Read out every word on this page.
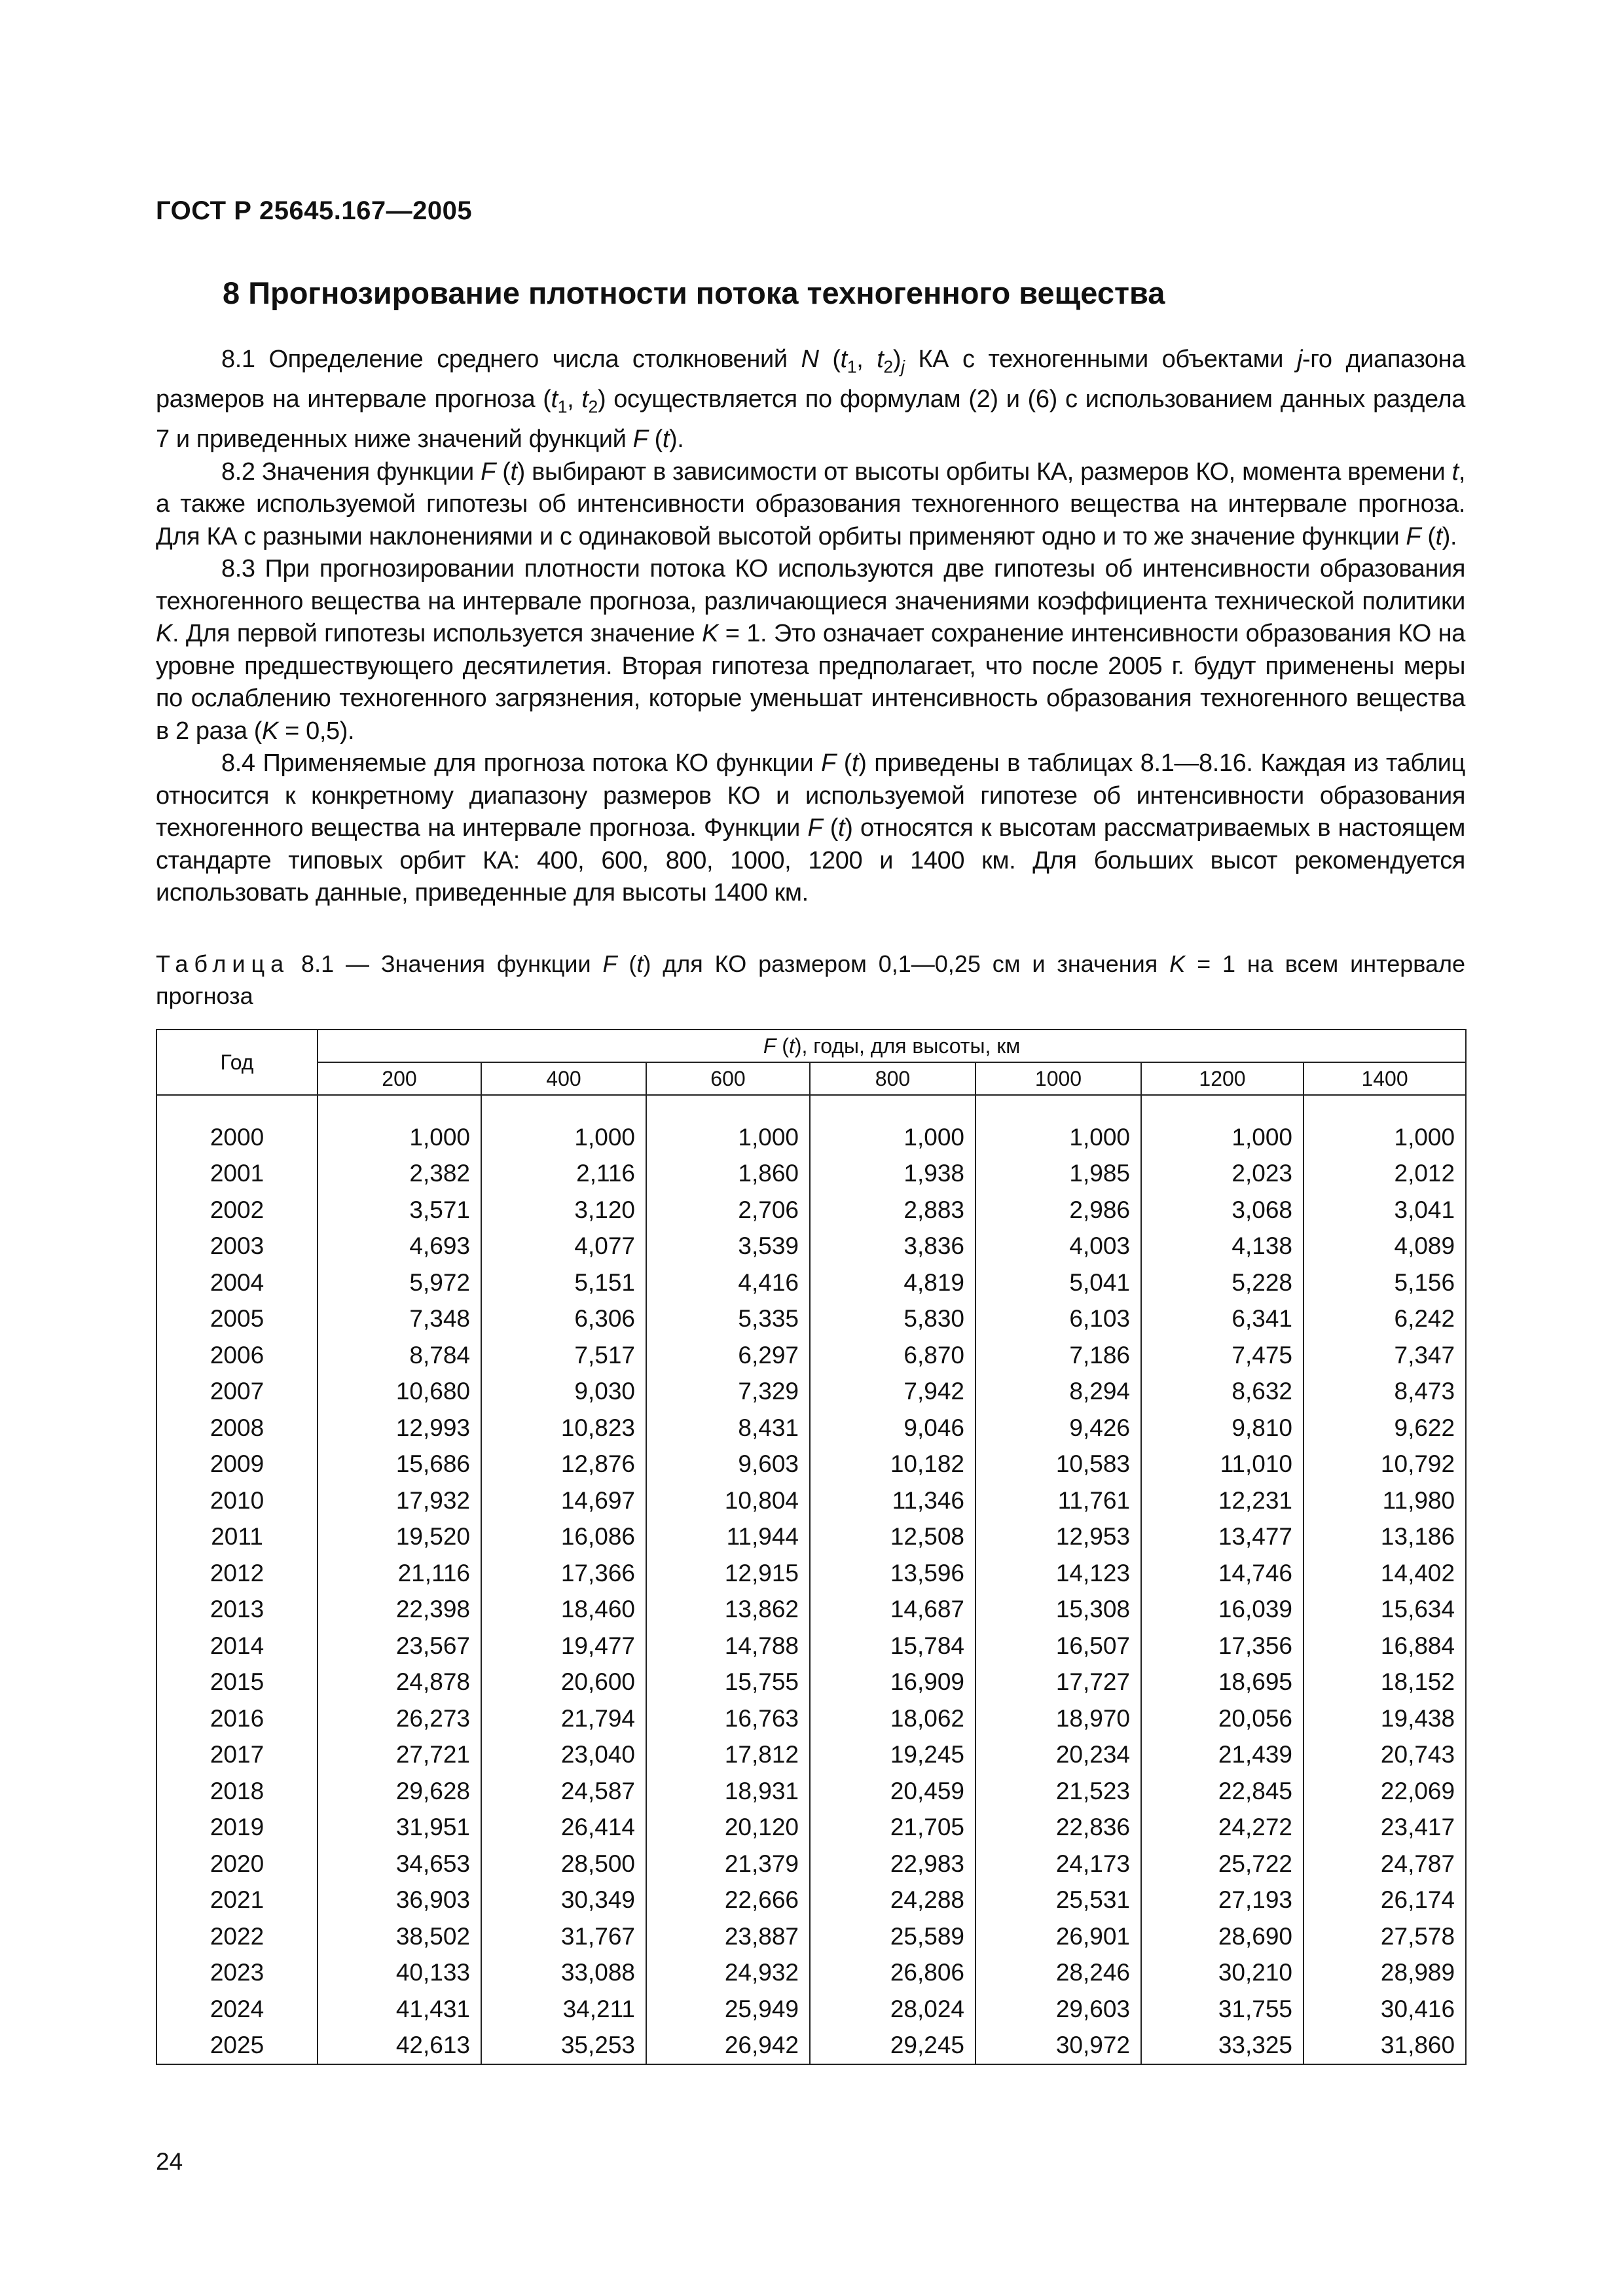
ГОСТ Р 25645.167—2005
8 Прогнозирование плотности потока техногенного вещества

8.1 Определение среднего числа столкновений N ($t_1$, $t_2)_j$ КА с техногенными объектами j-го диапазона размеров на интервале прогноза ($t_1$, $t_2$) осуществляется по формулам (2) и (6) с использованием данных раздела 7 и приведенных ниже значений функций F (t).

8.2 Значения функции F (t) выбирают в зависимости от высоты орбиты КА, размеров КО, момента времени t, а также используемой гипотезы об интенсивности образования техногенного вещества на интервале прогноза. Для КА с разными наклонениями и с одинаковой высотой орбиты применяют одно и то же значение функции F (t).

8.3 При прогнозировании плотности потока КО используются две гипотезы об интенсивности образования техногенного вещества на интервале прогноза, различающиеся значениями коэффициента технической политики K. Для первой гипотезы используется значение K = 1. Это означает сохранение интенсивности образования КО на уровне предшествующего десятилетия. Вторая гипотеза предполагает, что после 2005 г. будут применены меры по ослаблению техногенного загрязнения, которые уменьшат интенсивность образования техногенного вещества в 2 раза (K = 0,5).

8.4 Применяемые для прогноза потока КО функции F (t) приведены в таблицах 8.1—8.16. Каждая из таблиц относится к конкретному диапазону размеров КО и используемой гипотезе об интенсивности образования техногенного вещества на интервале прогноза. Функции F (t) относятся к высотам рассматриваемых в настоящем стандарте типовых орбит КА: 400, 600, 800, 1000, 1200 и 1400 км. Для больших высот рекомендуется использовать данные, приведенные для высоты 1400 км.

Таблица 8.1 — Значения функции F (t) для КО размером 0,1—0,25 см и значения K = 1 на всем интервале прогноза
Год	F (t), годы, для высоты, км						
	200	400	600	800	1000	1200	1400

2000	1,000	1,000	1,000	1,000	1,000	1,000	1,000
2001	2,382	2,116	1,860	1,938	1,985	2,023	2,012
2002	3,571	3,120	2,706	2,883	2,986	3,068	3,041
2003	4,693	4,077	3,539	3,836	4,003	4,138	4,089
2004	5,972	5,151	4,416	4,819	5,041	5,228	5,156
2005	7,348	6,306	5,335	5,830	6,103	6,341	6,242
2006	8,784	7,517	6,297	6,870	7,186	7,475	7,347
2007	10,680	9,030	7,329	7,942	8,294	8,632	8,473
2008	12,993	10,823	8,431	9,046	9,426	9,810	9,622
2009	15,686	12,876	9,603	10,182	10,583	11,010	10,792
2010	17,932	14,697	10,804	11,346	11,761	12,231	11,980
2011	19,520	16,086	11,944	12,508	12,953	13,477	13,186
2012	21,116	17,366	12,915	13,596	14,123	14,746	14,402
2013	22,398	18,460	13,862	14,687	15,308	16,039	15,634
2014	23,567	19,477	14,788	15,784	16,507	17,356	16,884
2015	24,878	20,600	15,755	16,909	17,727	18,695	18,152
2016	26,273	21,794	16,763	18,062	18,970	20,056	19,438
2017	27,721	23,040	17,812	19,245	20,234	21,439	20,743
2018	29,628	24,587	18,931	20,459	21,523	22,845	22,069
2019	31,951	26,414	20,120	21,705	22,836	24,272	23,417
2020	34,653	28,500	21,379	22,983	24,173	25,722	24,787
2021	36,903	30,349	22,666	24,288	25,531	27,193	26,174
2022	38,502	31,767	23,887	25,589	26,901	28,690	27,578
2023	40,133	33,088	24,932	26,806	28,246	30,210	28,989
2024	41,431	34,211	25,949	28,024	29,603	31,755	30,416
2025	42,613	35,253	26,942	29,245	30,972	33,325	31,860
24
